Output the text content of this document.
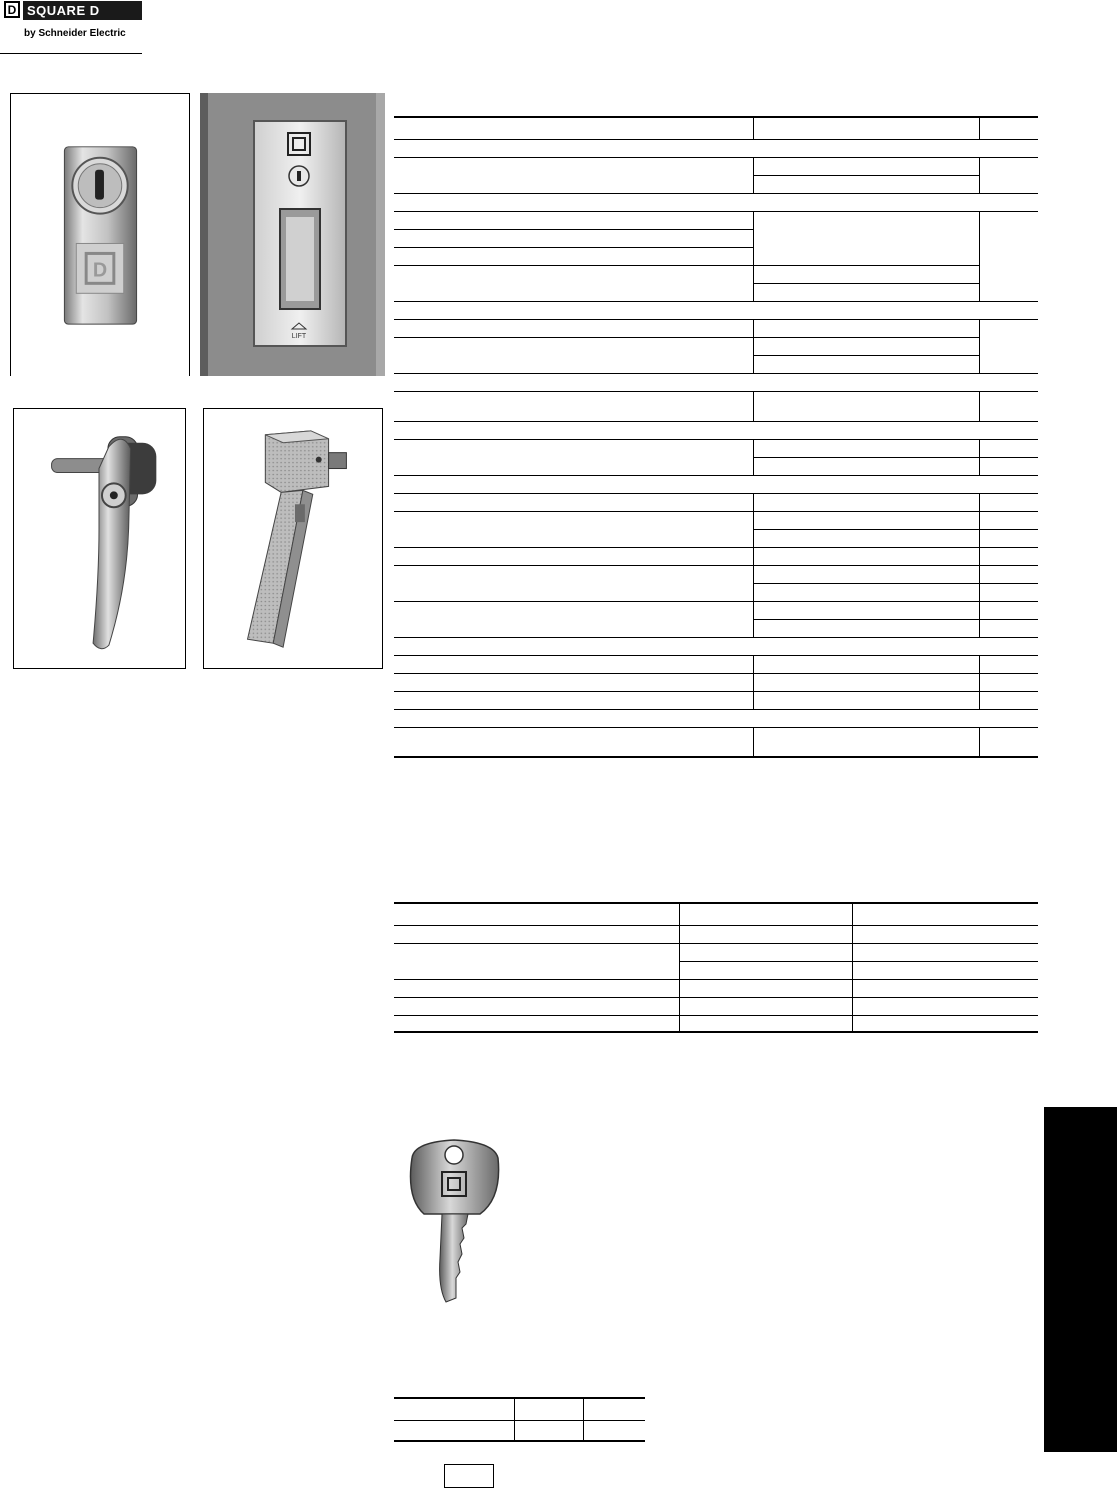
D SQUARE D
by Schneider Electric
D
LIFT
